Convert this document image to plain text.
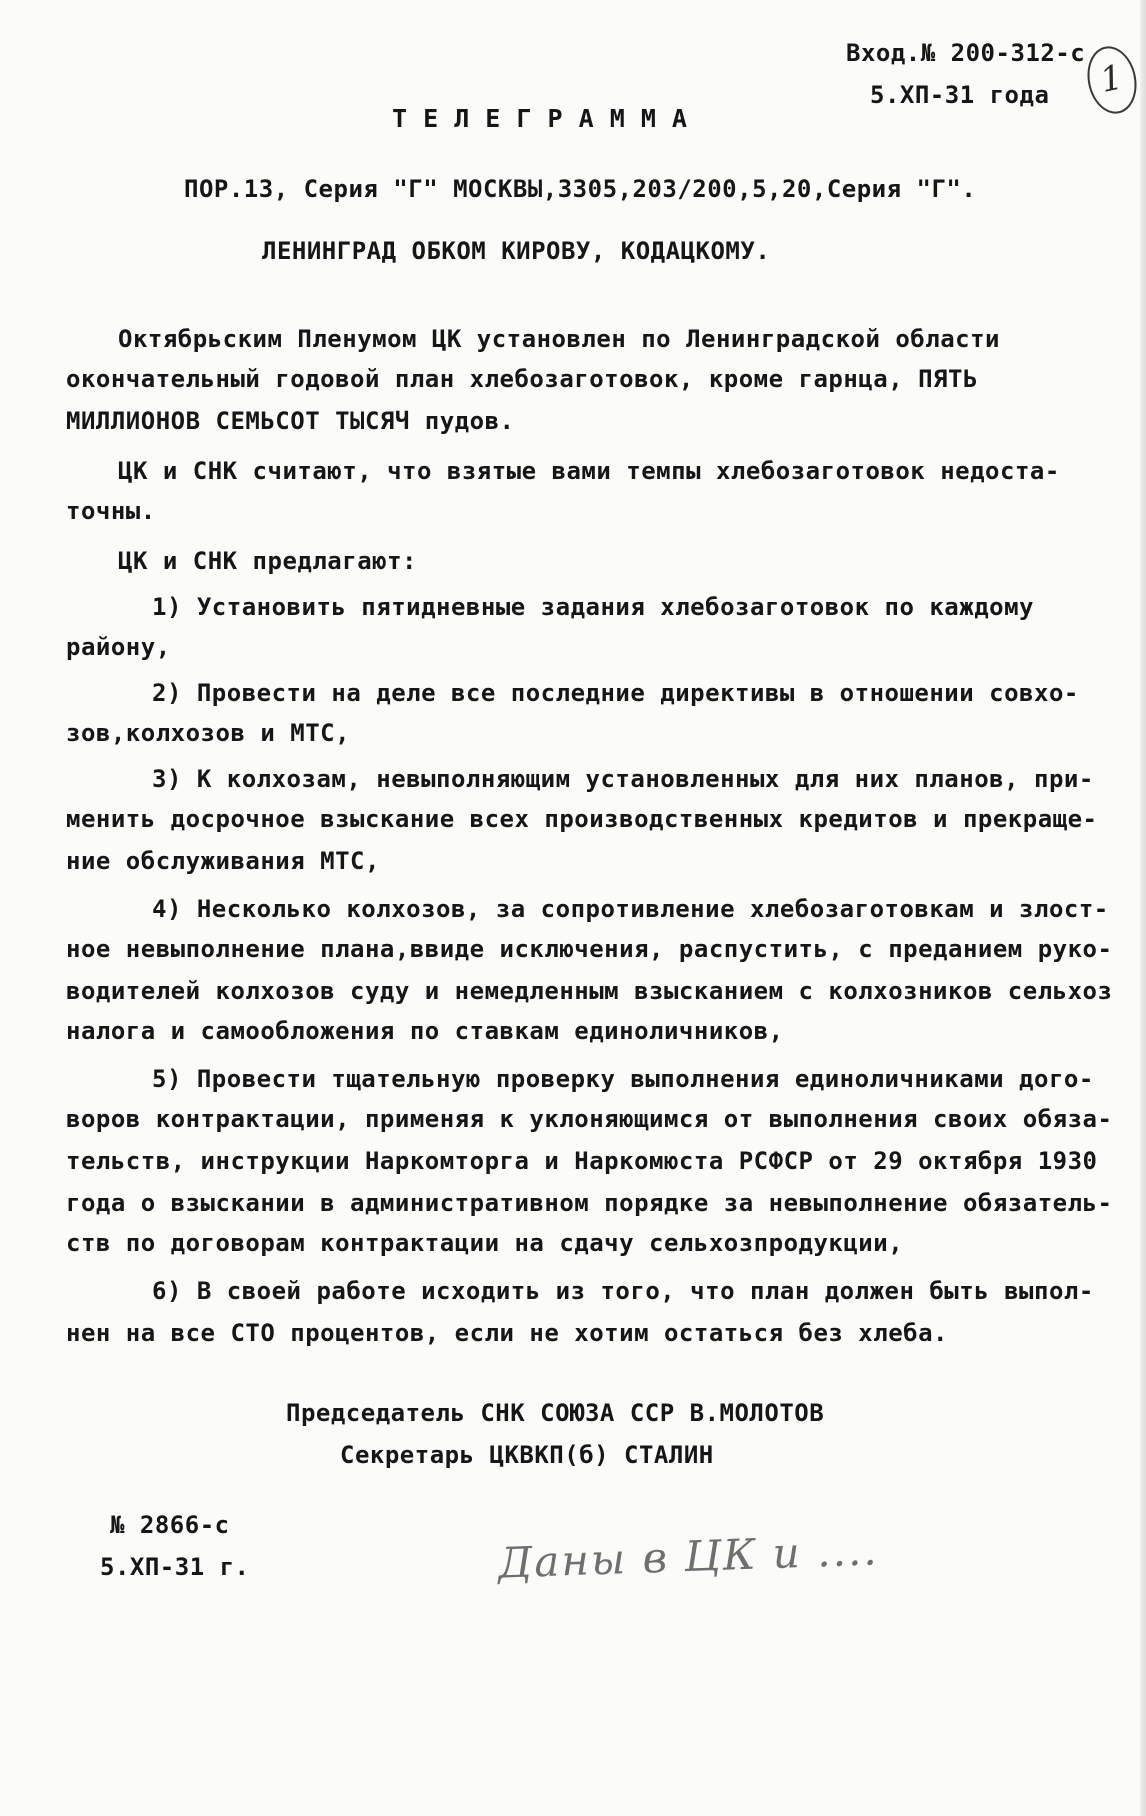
Вход.№ 200-312-с
5.ХП-31 года	1
Т Е Л Е Г Р А М М А
ПОР.13, Серия "Г" МОСКВЫ,3305,203/200,5,20,Серия "Г".
ЛЕНИНГРАД ОБКОМ КИРОВУ, КОДАЦКОМУ.
Октябрьским Пленумом ЦК установлен по Ленинградской области
окончательный годовой план хлебозаготовок, кроме гарнца, ПЯТЬ
МИЛЛИОНОВ СЕМЬСОТ ТЫСЯЧ пудов.
ЦК и СНК считают, что взятые вами темпы хлебозаготовок недоста-
точны.
ЦК и СНК предлагают:
1) Установить пятидневные задания хлебозаготовок по каждому
району,
2) Провести на деле все последние директивы в отношении совхо-
зов,колхозов и МТС,
3) К колхозам, невыполняющим установленных для них планов, при-
менить досрочное взыскание всех производственных кредитов и прекраще-
ние обслуживания МТС,
4) Несколько колхозов, за сопротивление хлебозаготовкам и злост-
ное невыполнение плана,ввиде исключения, распустить, с преданием руко-
водителей колхозов суду и немедленным взысканием с колхозников сельхоз
налога и самообложения по ставкам единоличников,
5) Провести тщательную проверку выполнения единоличниками дого-
воров контрактации, применяя к уклоняющимся от выполнения своих обяза-
тельств, инструкции Наркомторга и Наркомюста РСФСР от 29 октября 1930
года о взыскании в административном порядке за невыполнение обязатель-
ств по договорам контрактации на сдачу сельхозпродукции,
6) В своей работе исходить из того, что план должен быть выпол-
нен на все СТО процентов, если не хотим остаться без хлеба.
Председатель СНК СОЮЗА ССР В.МОЛОТОВ
Секретарь ЦКВКП(б) СТАЛИН
№ 2866-с
5.ХП-31 г.	Даны в ЦК и ....
